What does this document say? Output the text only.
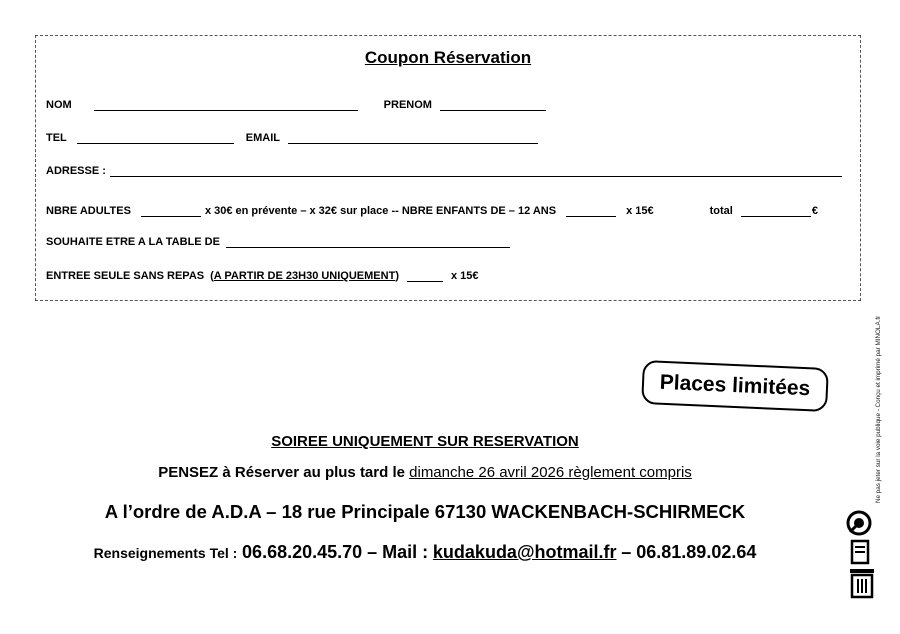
Coupon Réservation
NOM	PRENOM
TEL	EMAIL
ADRESSE :
NBRE ADULTES	x 30€ en prévente – x 32€ sur place -- NBRE ENFANTS DE – 12 ANS	x 15€	total	€
SOUHAITE ETRE A LA TABLE DE
ENTREE SEULE SANS REPAS ( A PARTIR DE 23H30 UNIQUEMENT )	x 15€
Places limitées
SOIREE UNIQUEMENT SUR RESERVATION
PENSEZ à Réserver au plus tard le dimanche 26 avril 2026 règlement compris
A l’ordre de A.D.A – 18 rue Principale 67130 WACKENBACH-SCHIRMECK
Renseignements Tel : 06.68.20.45.70 – Mail : kudakuda@hotmail.fr – 06.81.89.02.64
Ne pas jeter sur la voie publique - Conçu et imprimé par MINOLA.fr
